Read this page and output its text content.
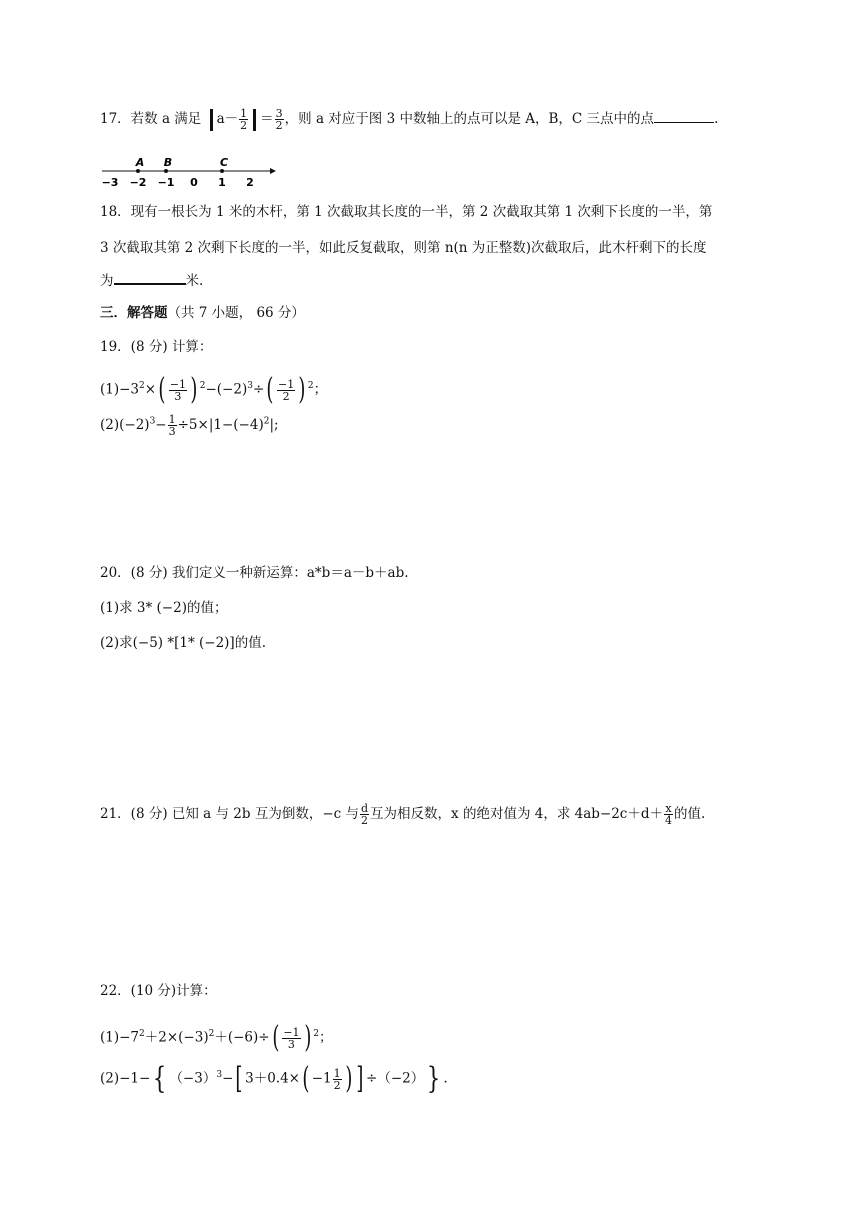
17．若数 a 满足 $a- \frac{1}{2} = \frac{3}{2}$ ，则 a 对应于图 3 中数轴上的点可以是 A，B，C 三点中的点	.
−3 −2 −1 0 1 2
A B	C
18．现有一根长为 1 米的木杆，第 1 次截取其长度的一半，第 2 次截取其第 1 次剩下长度的一半，第
3 次截取其第 2 次剩下长度的一半，如此反复截取，则第 n(n 为正整数)次截取后，此木杆剩下的长度
为	米.
三．解答题（共 7 小题， 66 分）
19．(8 分) 计算：
$(1)-3^2\times( \frac{-1}{3}$ ) $^2-(-2)^3\div( \frac{-1}{2}$ ) $^2$；
$(2)(-2)^3- \frac{1}{3} \div 5\times|1-(-4)^2|$;
20．(8 分) 我们定义一种新运算：a*b＝a－b＋ab.
(1)求 3* (−2)的值；
(2)求(−5) *[1* (−2)]的值.
21．(8 分) 已知 a 与 2b 互为倒数，−c 与 $\frac{d}{2}$ 互为相反数，x 的绝对值为 4，求 $4ab-2c+d+ \frac{x}{4}$ 的值.
22．(10 分)计算：
$(1)-7^2+2\times(-3)^2+(-6)\div( \frac{-1}{3}$ ) $^2$；
(2)−1−{ $(-3)^3-$[ $3+0.4\times( -1 \frac{1}{2}$ ) ] ÷（−2）} .
